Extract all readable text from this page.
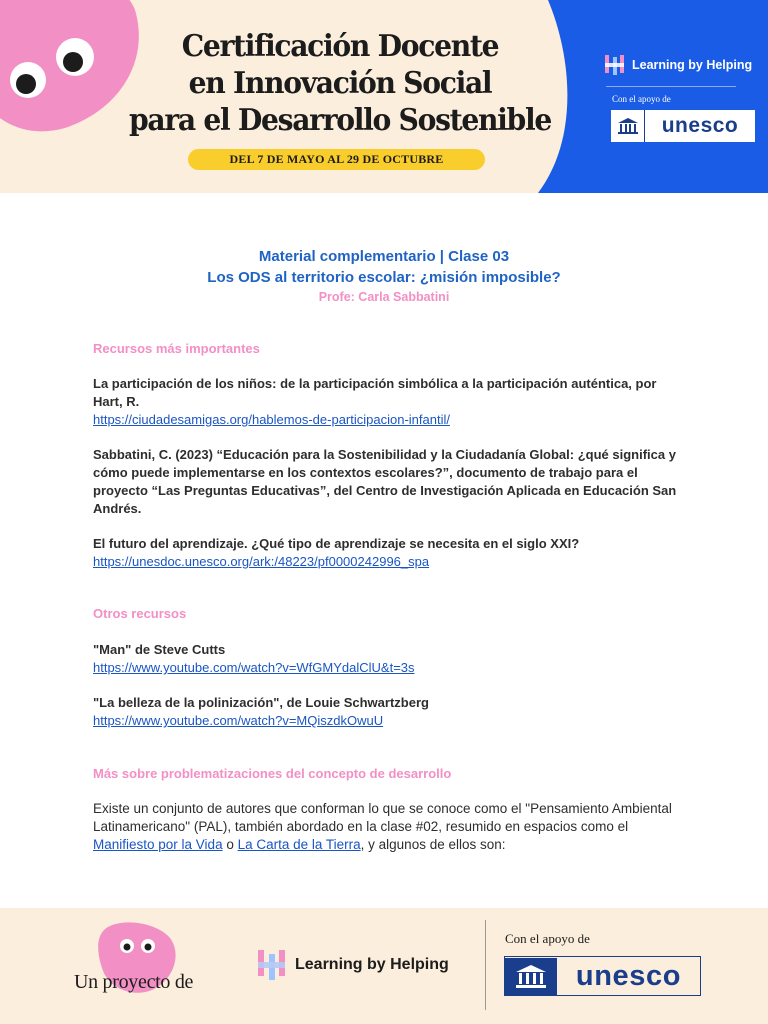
Certificación Docente
en Innovación Social
para el Desarrollo Sostenible
DEL 7 DE MAYO AL 29 DE OCTUBRE
Learning by Helping
Con el apoyo de
unesco
Material complementario | Clase 03
Los ODS al territorio escolar: ¿misión imposible?
Profe: Carla Sabbatini
Recursos más importantes
La participación de los niños: de la participación simbólica a la participación auténtica, por Hart, R.
https://ciudadesamigas.org/hablemos-de-participacion-infantil/
Sabbatini, C. (2023) “Educación para la Sostenibilidad y la Ciudadanía Global: ¿qué significa y cómo puede implementarse en los contextos escolares?”, documento de trabajo para el proyecto “Las Preguntas Educativas”, del Centro de Investigación Aplicada en Educación San Andrés.
El futuro del aprendizaje. ¿Qué tipo de aprendizaje se necesita en el siglo XXI?
https://unesdoc.unesco.org/ark:/48223/pf0000242996_spa
Otros recursos
"Man" de Steve Cutts
https://www.youtube.com/watch?v=WfGMYdalClU&t=3s
"La belleza de la polinización", de Louie Schwartzberg
https://www.youtube.com/watch?v=MQiszdkOwuU
Más sobre problematizaciones del concepto de desarrollo
Existe un conjunto de autores que conforman lo que se conoce como el "Pensamiento Ambiental Latinamericano" (PAL), también abordado en la clase #02, resumido en espacios como el Manifiesto por la Vida o La Carta de la Tierra, y algunos de ellos son:
Un proyecto de
Learning by Helping
Con el apoyo de
unesco
